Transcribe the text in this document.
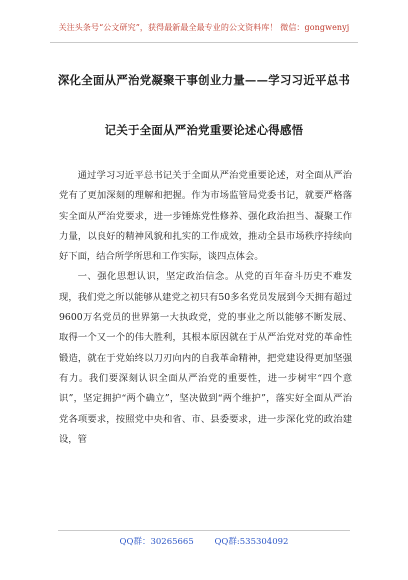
关注头条号“公文研究”，获得最新最全最专业的公文资料库！ 微信：gongwenyj
深化全面从严治党凝聚干事创业力量——学习习近平总书
记关于全面从严治党重要论述心得感悟

通过学习习近平总书记关于全面从严治党重要论述，对全面从严治党有了更加深刻的理解和把握。作为市场监管局党委书记，就要严格落实全面从严治党要求，进一步锤炼党性修养、强化政治担当、凝聚工作力量，以良好的精神风貌和扎实的工作成效，推动全县市场秩序持续向好下面，结合所学所思和工作实际，谈四点体会。

一、强化思想认识，坚定政治信念。从党的百年奋斗历史不难发现，我们党之所以能够从建党之初只有50多名党员发展到今天拥有超过9600万名党员的世界第一大执政党，党的事业之所以能够不断发展、取得一个又一个的伟大胜利，其根本原因就在于从严治党对党的革命性锻造，就在于党始终以刀刃向内的自我革命精神，把党建设得更加坚强有力。我们要深刻认识全面从严治党的重要性，进一步树牢“四个意识”，坚定拥护“两个确立”，坚决做到“两个维护”，落实好全面从严治党各项要求，按照党中央和省、市、县委要求，进一步深化党的政治建设，管

QQ群：30265665 QQ群:535304092
